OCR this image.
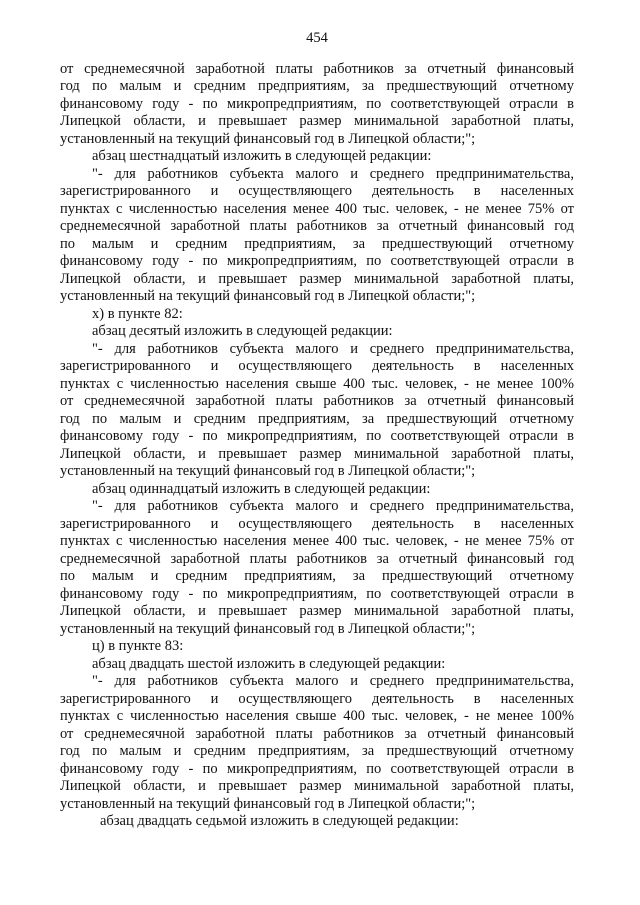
454
от среднемесячной заработной платы работников за отчетный финансовый
год по малым и средним предприятиям, за предшествующий отчетному
финансовому году - по микропредприятиям, по соответствующей отрасли в
Липецкой области, и превышает размер минимальной заработной платы,
установленный на текущий финансовый год в Липецкой области;";
абзац шестнадцатый изложить в следующей редакции:
"- для работников субъекта малого и среднего предпринимательства,
зарегистрированного и осуществляющего деятельность в населенных
пунктах с численностью населения менее 400 тыс. человек, - не менее 75% от
среднемесячной заработной платы работников за отчетный финансовый год
по малым и средним предприятиям, за предшествующий отчетному
финансовому году - по микропредприятиям, по соответствующей отрасли в
Липецкой области, и превышает размер минимальной заработной платы,
установленный на текущий финансовый год в Липецкой области;";
х) в пункте 82:
абзац десятый изложить в следующей редакции:
"- для работников субъекта малого и среднего предпринимательства,
зарегистрированного и осуществляющего деятельность в населенных
пунктах с численностью населения свыше 400 тыс. человек, - не менее 100%
от среднемесячной заработной платы работников за отчетный финансовый
год по малым и средним предприятиям, за предшествующий отчетному
финансовому году - по микропредприятиям, по соответствующей отрасли в
Липецкой области, и превышает размер минимальной заработной платы,
установленный на текущий финансовый год в Липецкой области;";
абзац одиннадцатый изложить в следующей редакции:
"- для работников субъекта малого и среднего предпринимательства,
зарегистрированного и осуществляющего деятельность в населенных
пунктах с численностью населения менее 400 тыс. человек, - не менее 75% от
среднемесячной заработной платы работников за отчетный финансовый год
по малым и средним предприятиям, за предшествующий отчетному
финансовому году - по микропредприятиям, по соответствующей отрасли в
Липецкой области, и превышает размер минимальной заработной платы,
установленный на текущий финансовый год в Липецкой области;";
ц) в пункте 83:
абзац двадцать шестой изложить в следующей редакции:
"- для работников субъекта малого и среднего предпринимательства,
зарегистрированного и осуществляющего деятельность в населенных
пунктах с численностью населения свыше 400 тыс. человек, - не менее 100%
от среднемесячной заработной платы работников за отчетный финансовый
год по малым и средним предприятиям, за предшествующий отчетному
финансовому году - по микропредприятиям, по соответствующей отрасли в
Липецкой области, и превышает размер минимальной заработной платы,
установленный на текущий финансовый год в Липецкой области;";
абзац двадцать седьмой изложить в следующей редакции:
